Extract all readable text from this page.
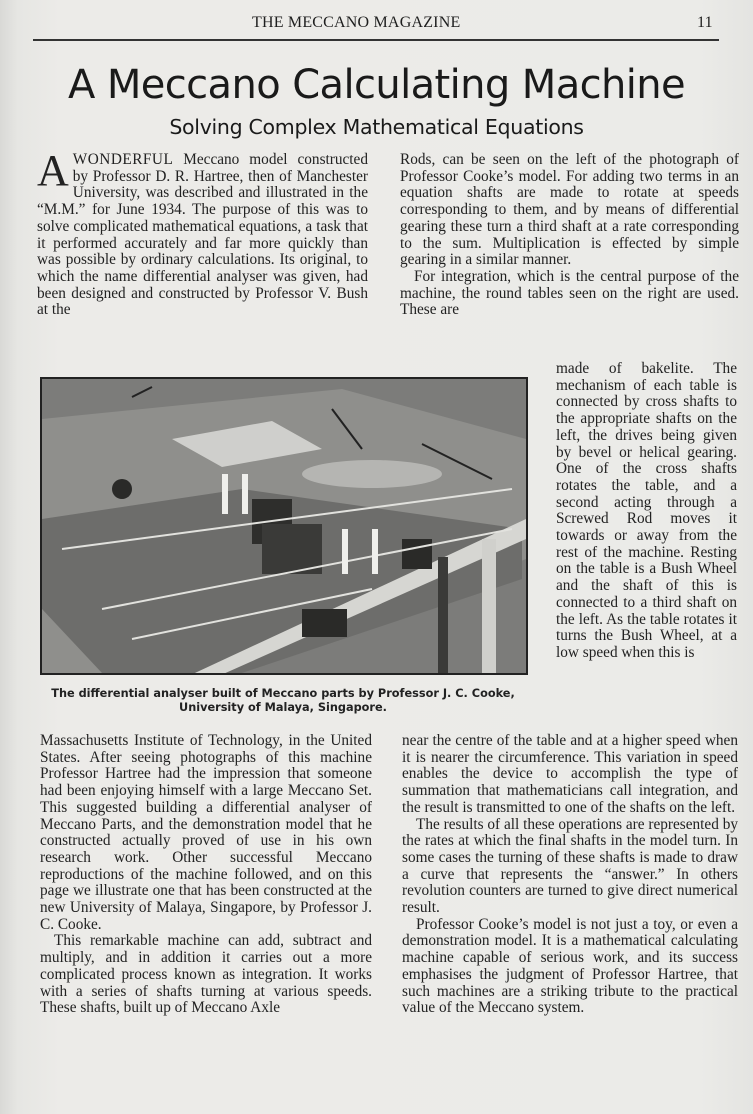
THE MECCANO MAGAZINE	11
A Meccano Calculating Machine
Solving Complex Mathematical Equations

AWONDERFUL Meccano model constructed by Professor D. R. Hartree, then of Manchester University, was described and illustrated in the “M.M.” for June 1934. The purpose of this was to solve complicated mathematical equations, a task that it performed accurately and far more quickly than was possible by ordinary calculations. Its original, to which the name differential analyser was given, had been designed and constructed by Professor V. Bush at the

Rods, can be seen on the left of the photograph of Professor Cooke’s model. For adding two terms in an equation shafts are made to rotate at speeds corresponding to them, and by means of differential gearing these turn a third shaft at a rate corresponding to the sum. Multiplication is effected by simple gearing in a similar manner.

For integration, which is the central purpose of the machine, the round tables seen on the right are used. These are

made of bakelite. The mechanism of each table is connected by cross shafts to the appropriate shafts on the left, the drives being given by bevel or helical gearing. One of the cross shafts rotates the table, and a second acting through a Screwed Rod moves it towards or away from the rest of the machine. Resting on the table is a Bush Wheel and the shaft of this is connected to a third shaft on the left. As the table rotates it turns the Bush Wheel, at a low speed when this is

The differential analyser built of Meccano parts by Professor J. C. Cooke,
University of Malaya, Singapore.

Massachusetts Institute of Technology, in the United States. After seeing photographs of this machine Professor Hartree had the impression that someone had been enjoying himself with a large Meccano Set. This suggested building a differential analyser of Meccano Parts, and the demonstration model that he constructed actually proved of use in his own research work. Other successful Meccano reproductions of the machine followed, and on this page we illustrate one that has been constructed at the new University of Malaya, Singapore, by Professor J. C. Cooke.

This remarkable machine can add, subtract and multiply, and in addition it carries out a more complicated process known as integration. It works with a series of shafts turning at various speeds. These shafts, built up of Meccano Axle

near the centre of the table and at a higher speed when it is nearer the circumference. This variation in speed enables the device to accomplish the type of summation that mathematicians call integration, and the result is transmitted to one of the shafts on the left.

The results of all these operations are represented by the rates at which the final shafts in the model turn. In some cases the turning of these shafts is made to draw a curve that represents the “answer.” In others revolution counters are turned to give direct numerical result.

Professor Cooke’s model is not just a toy, or even a demonstration model. It is a mathematical calculating machine capable of serious work, and its success emphasises the judgment of Professor Hartree, that such machines are a striking tribute to the practical value of the Meccano system.
